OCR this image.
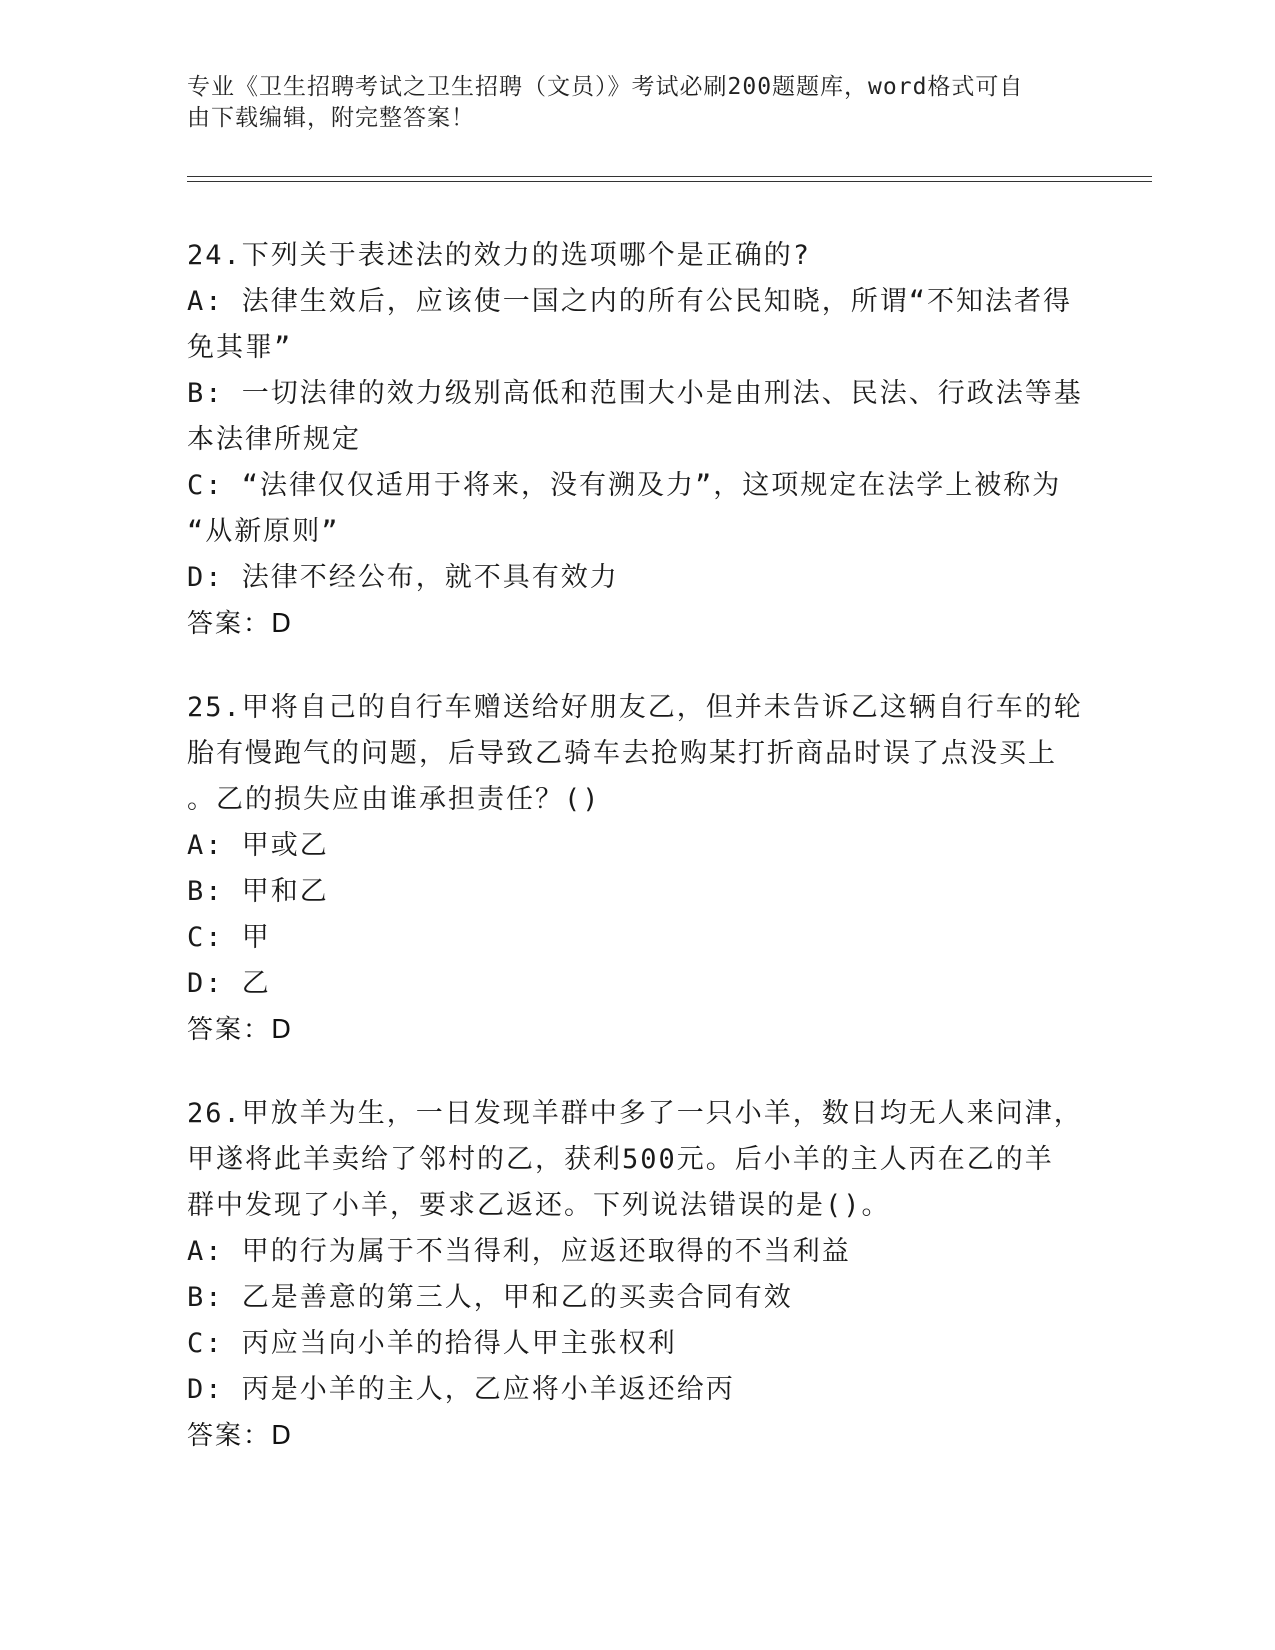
专业《卫生招聘考试之卫生招聘（文员）》考试必刷200题题库，word格式可自
由下载编辑，附完整答案！
24.下列关于表述法的效力的选项哪个是正确的?
A: 法律生效后，应该使一国之内的所有公民知晓，所谓“不知法者得
免其罪”
B: 一切法律的效力级别高低和范围大小是由刑法、民法、行政法等基
本法律所规定
C: “法律仅仅适用于将来，没有溯及力”，这项规定在法学上被称为
“从新原则”
D: 法律不经公布，就不具有效力
答案：D
25.甲将自己的自行车赠送给好朋友乙，但并未告诉乙这辆自行车的轮
胎有慢跑气的问题，后导致乙骑车去抢购某打折商品时误了点没买上
。乙的损失应由谁承担责任？()
A: 甲或乙
B: 甲和乙
C: 甲
D: 乙
答案：D
26.甲放羊为生，一日发现羊群中多了一只小羊，数日均无人来问津，
甲遂将此羊卖给了邻村的乙，获利500元。后小羊的主人丙在乙的羊
群中发现了小羊，要求乙返还。下列说法错误的是()。
A: 甲的行为属于不当得利，应返还取得的不当利益
B: 乙是善意的第三人，甲和乙的买卖合同有效
C: 丙应当向小羊的拾得人甲主张权利
D: 丙是小羊的主人，乙应将小羊返还给丙
答案：D
